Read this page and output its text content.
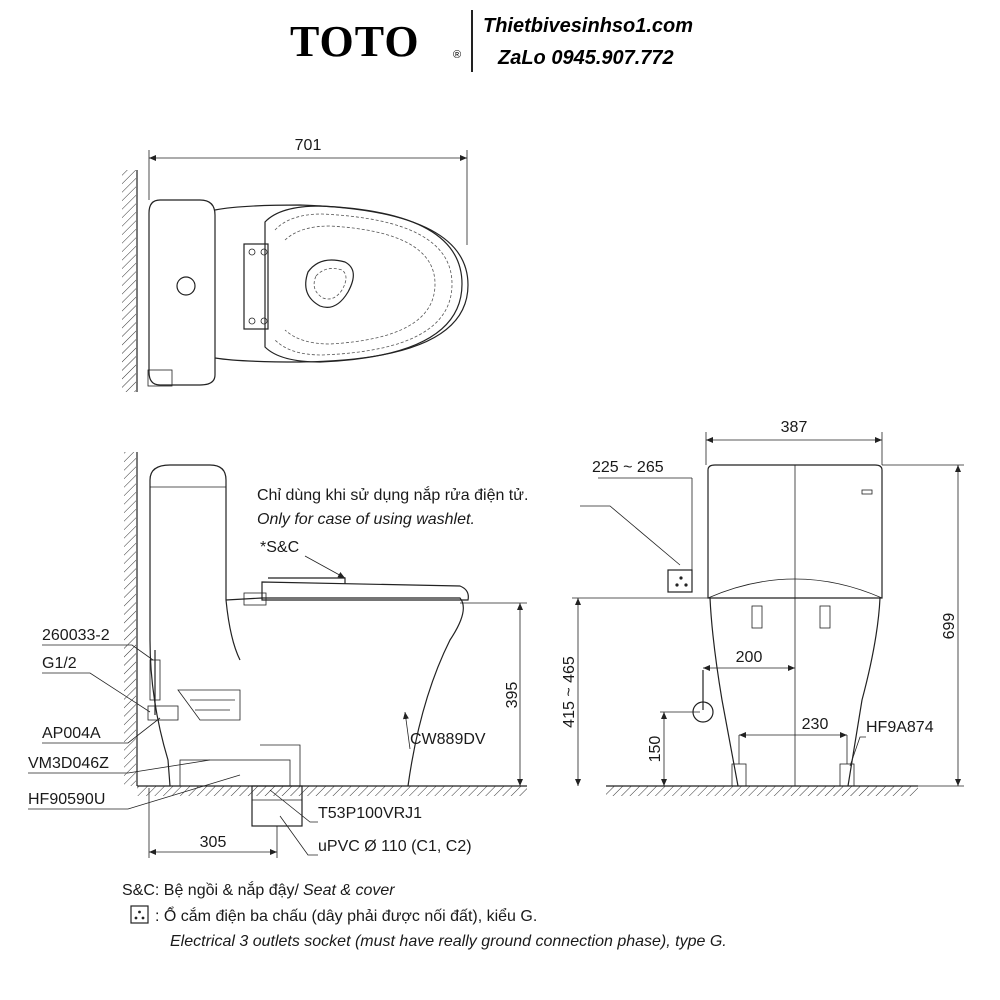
TOTO	®
Thietbivesinhso1.com
ZaLo 0945.907.772
701
395
305
Chỉ dùng khi sử dụng nắp rửa điện tử.
Only for case of using washlet.
*S&C
260033-2
G1/2
AP004A
VM3D046Z
HF90590U
CW889DV
T53P100VRJ1
uPVC Ø 110 (C1, C2)
387
225 ~ 265
699
415 ~ 465	200
230
150
HF9A874
S&C: Bệ ngồi & nắp đậy/ Seat & cover
: Ổ cắm điện ba chấu (dây phải được nối đất), kiểu G.
Electrical 3 outlets socket (must have really ground connection phase), type G.
